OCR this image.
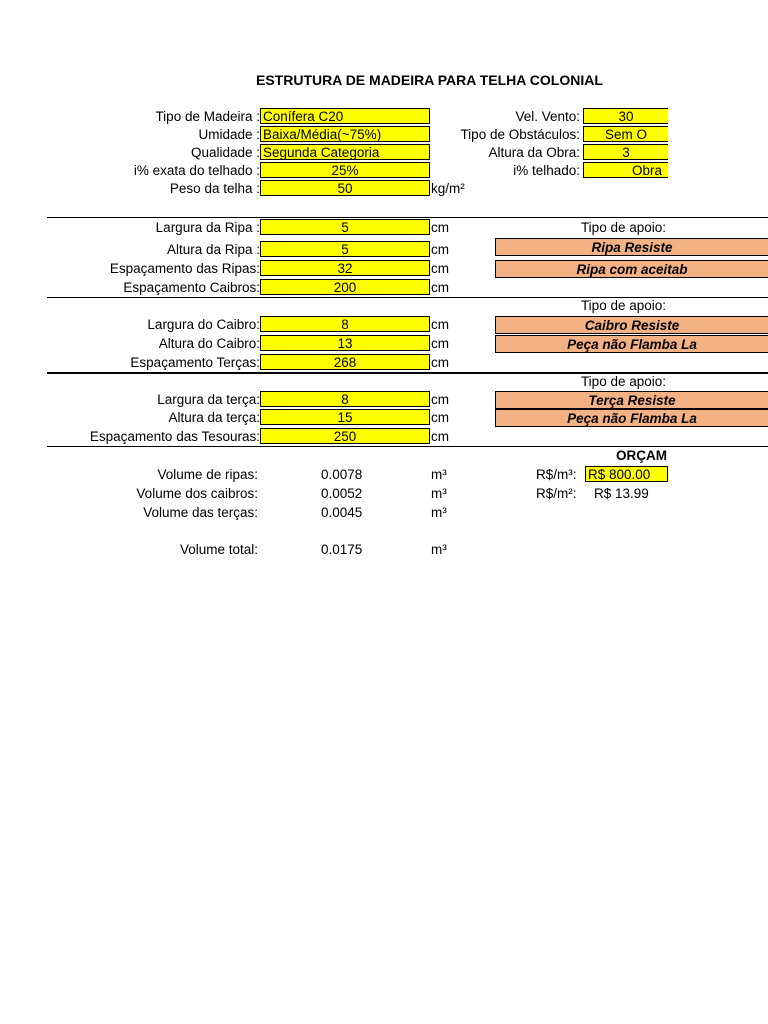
ESTRUTURA DE MADEIRA PARA TELHA COLONIAL
Tipo de Madeira : Conífera C20
Umidade : Baixa/Média(~75%)
Qualidade : Segunda Categoria
i% exata do telhado :	25%
Peso da telha :	50	kg/m²
Vel. Vento:	30
Tipo de Obstáculos:	Sem O
Altura da Obra:	3
i% telhado:	Obra
Largura da Ripa :	5	cm	Tipo de apoio:
Altura da Ripa :	5	cm	Ripa Resiste
Espaçamento das Ripas:	32	cm	Ripa com aceitab
Espaçamento Caibros:	200	cm
Tipo de apoio:
Largura do Caibro:	8	cm	Caibro Resiste
Altura do Caibro:	13	cm	Peça não Flamba La
Espaçamento Terças:	268	cm
Tipo de apoio:
Largura da terça:	8	cm	Terça Resiste
Altura da terça:	15	cm	Peça não Flamba La
Espaçamento das Tesouras:	250	cm
ORÇAM
Volume de ripas:	0.0078	m³
Volume dos caibros:	0.0052	m³
Volume das terças:	0.0045	m³
Volume total:	0.0175	m³
R$/m³: R$ 800.00
R$/m²: R$ 13.99
